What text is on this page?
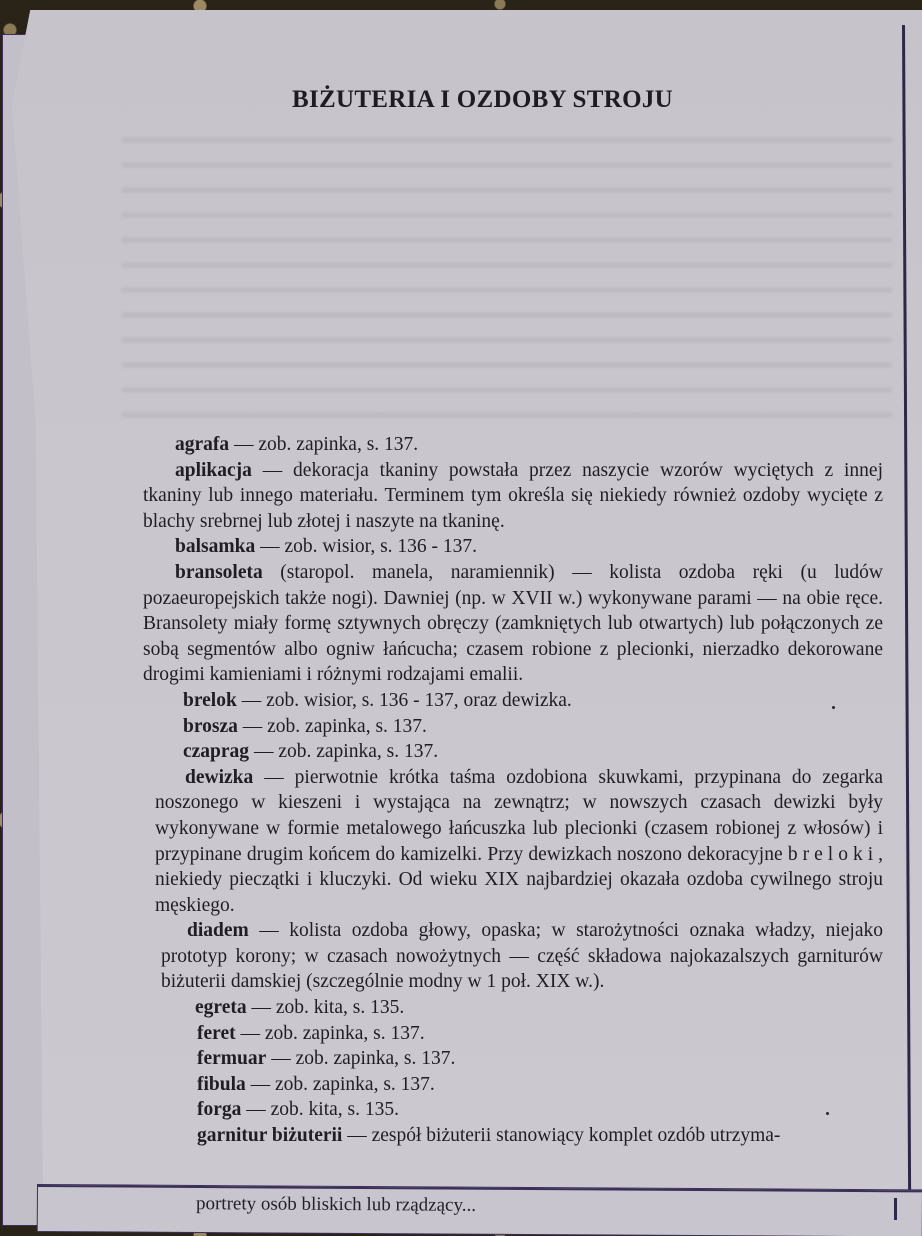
BIŻUTERIA I OZDOBY STROJU

agrafa — zob. zapinka, s. 137.

aplikacja — dekoracja tkaniny powstała przez naszycie wzorów wyciętych z innej tkaniny lub innego materiału. Terminem tym określa się niekiedy również ozdoby wycięte z blachy srebrnej lub złotej i naszyte na tkaninę.

balsamka — zob. wisior, s. 136 - 137.

bransoleta (staropol. manela, naramiennik) — kolista ozdoba ręki (u ludów pozaeuropejskich także nogi). Dawniej (np. w XVII w.) wykonywane parami — na obie ręce. Bransolety miały formę sztywnych obręczy (zamkniętych lub otwartych) lub połączonych ze sobą segmentów albo ogniw łańcucha; czasem robione z plecionki, nierzadko dekorowane drogimi kamieniami i różnymi rodzajami emalii.

brelok — zob. wisior, s. 136 - 137, oraz dewizka.

brosza — zob. zapinka, s. 137.

czaprag — zob. zapinka, s. 137.

dewizka — pierwotnie krótka taśma ozdobiona skuwkami, przypinana do zegarka noszonego w kieszeni i wystająca na zewnątrz; w nowszych czasach dewizki były wykonywane w formie metalowego łańcuszka lub plecionki (czasem robionej z włosów) i przypinane drugim końcem do kamizelki. Przy dewizkach noszono dekoracyjne breloki, niekiedy pieczątki i kluczyki. Od wieku XIX najbardziej okazała ozdoba cywilnego stroju męskiego.

diadem — kolista ozdoba głowy, opaska; w starożytności oznaka władzy, niejako prototyp korony; w czasach nowożytnych — część składowa najokazalszych garniturów biżuterii damskiej (szczególnie modny w 1 poł. XIX w.).

egreta — zob. kita, s. 135.

feret — zob. zapinka, s. 137.

fermuar — zob. zapinka, s. 137.

fibula — zob. zapinka, s. 137.

forga — zob. kita, s. 135.

garnitur biżuterii — zespół biżuterii stanowiący komplet ozdób utrzyma-

portrety osób bliskich lub rządzący...
